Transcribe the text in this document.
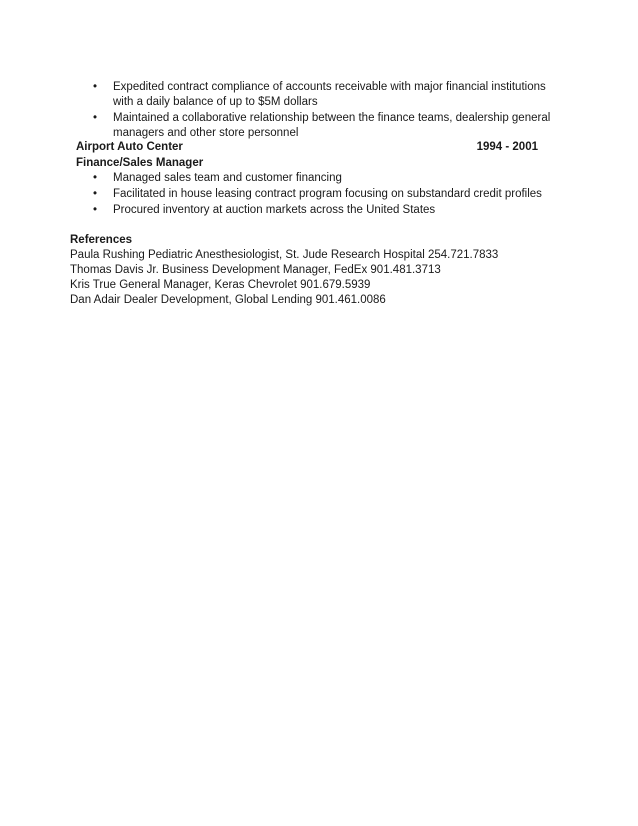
• Expedited contract compliance of accounts receivable with major financial institutions with a daily balance of up to $5M dollars
• Maintained a collaborative relationship between the finance teams, dealership general managers and other store personnel
Airport Auto Center	1994 - 2001
Finance/Sales Manager
• Managed sales team and customer financing
• Facilitated in house leasing contract program focusing on substandard credit profiles
• Procured inventory at auction markets across the United States
References
Paula Rushing Pediatric Anesthesiologist, St. Jude Research Hospital 254.721.7833
Thomas Davis Jr. Business Development Manager, FedEx 901.481.3713
Kris True General Manager, Keras Chevrolet 901.679.5939
Dan Adair Dealer Development, Global Lending 901.461.0086
